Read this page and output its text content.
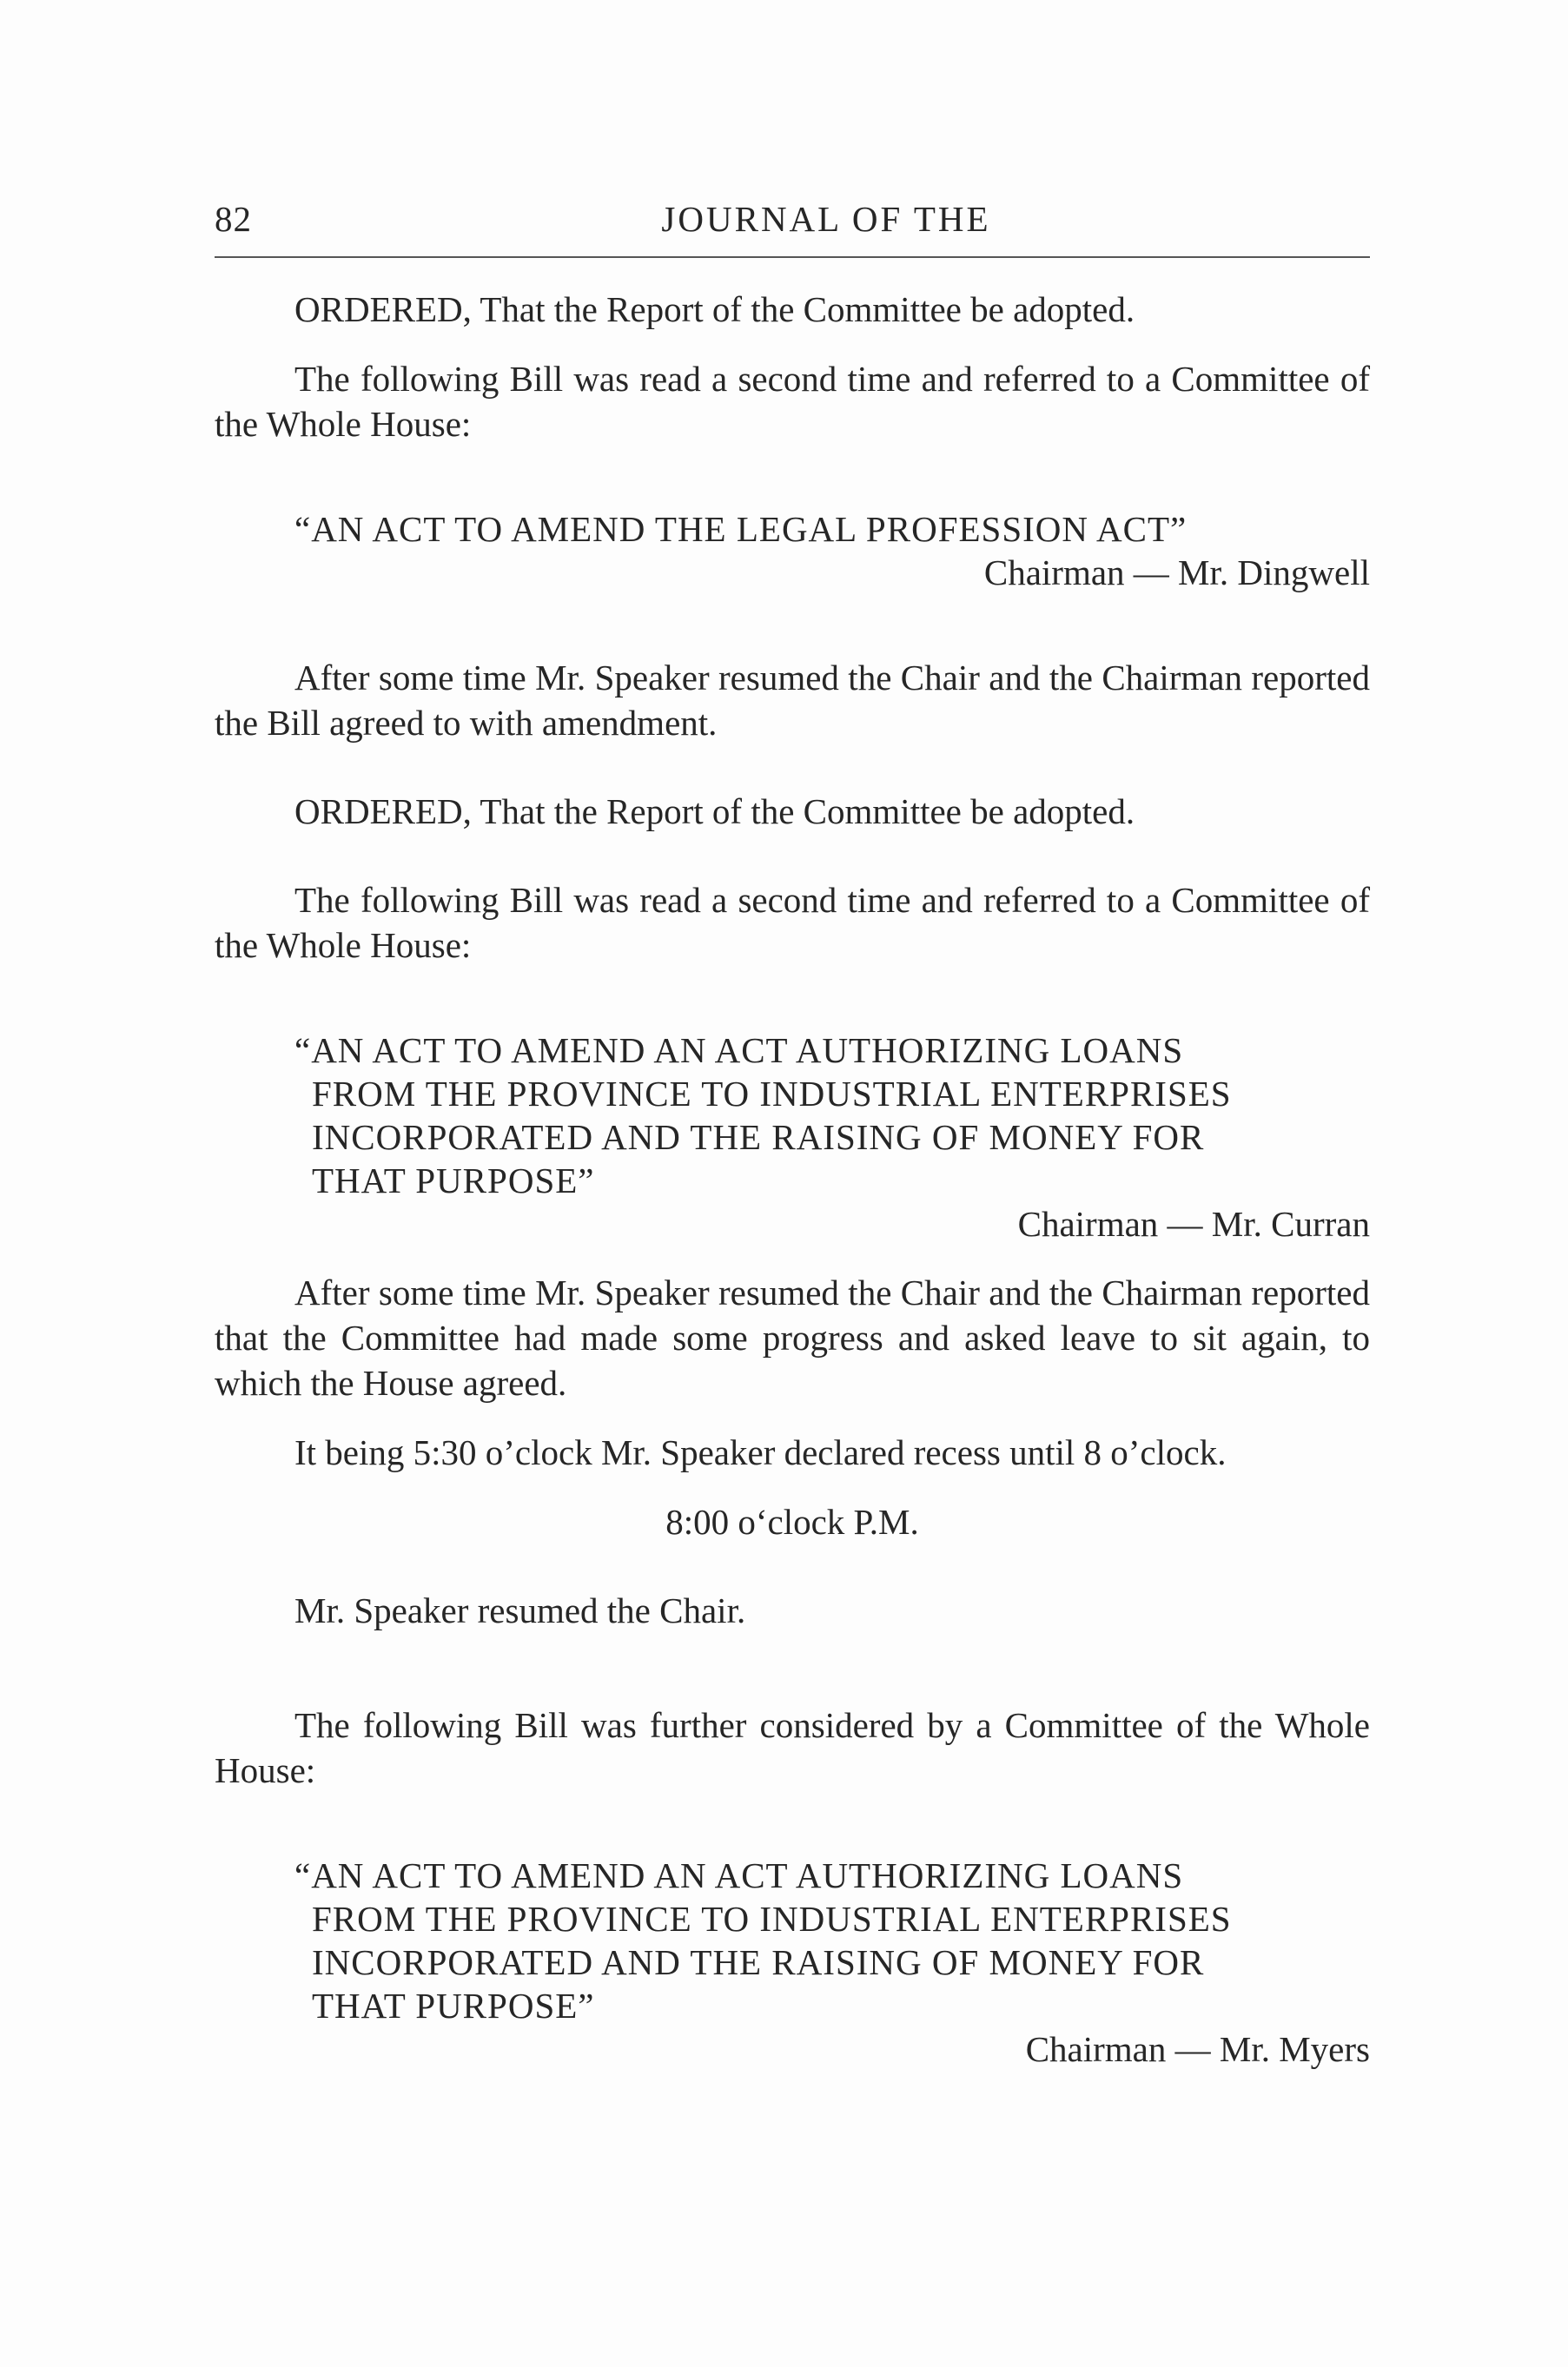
82	JOURNAL OF THE

ORDERED, That the Report of the Committee be adopted.

The following Bill was read a second time and referred to a Committee of the Whole House:

“AN ACT TO AMEND THE LEGAL PROFESSION ACT”

Chairman — Mr. Dingwell

After some time Mr. Speaker resumed the Chair and the Chairman reported the Bill agreed to with amendment.

ORDERED, That the Report of the Committee be adopted.

The following Bill was read a second time and referred to a Committee of the Whole House:

“AN ACT TO AMEND AN ACT AUTHORIZING LOANS
FROM THE PROVINCE TO INDUSTRIAL ENTERPRISES
INCORPORATED AND THE RAISING OF MONEY FOR
THAT PURPOSE”

Chairman — Mr. Curran

After some time Mr. Speaker resumed the Chair and the Chairman reported that the Committee had made some progress and asked leave to sit again, to which the House agreed.

It being 5:30 o’clock Mr. Speaker declared recess until 8 o’clock.

8:00 o‘clock P.M.

Mr. Speaker resumed the Chair.

The following Bill was further considered by a Committee of the Whole House:

“AN ACT TO AMEND AN ACT AUTHORIZING LOANS
FROM THE PROVINCE TO INDUSTRIAL ENTERPRISES
INCORPORATED AND THE RAISING OF MONEY FOR
THAT PURPOSE”

Chairman — Mr. Myers
